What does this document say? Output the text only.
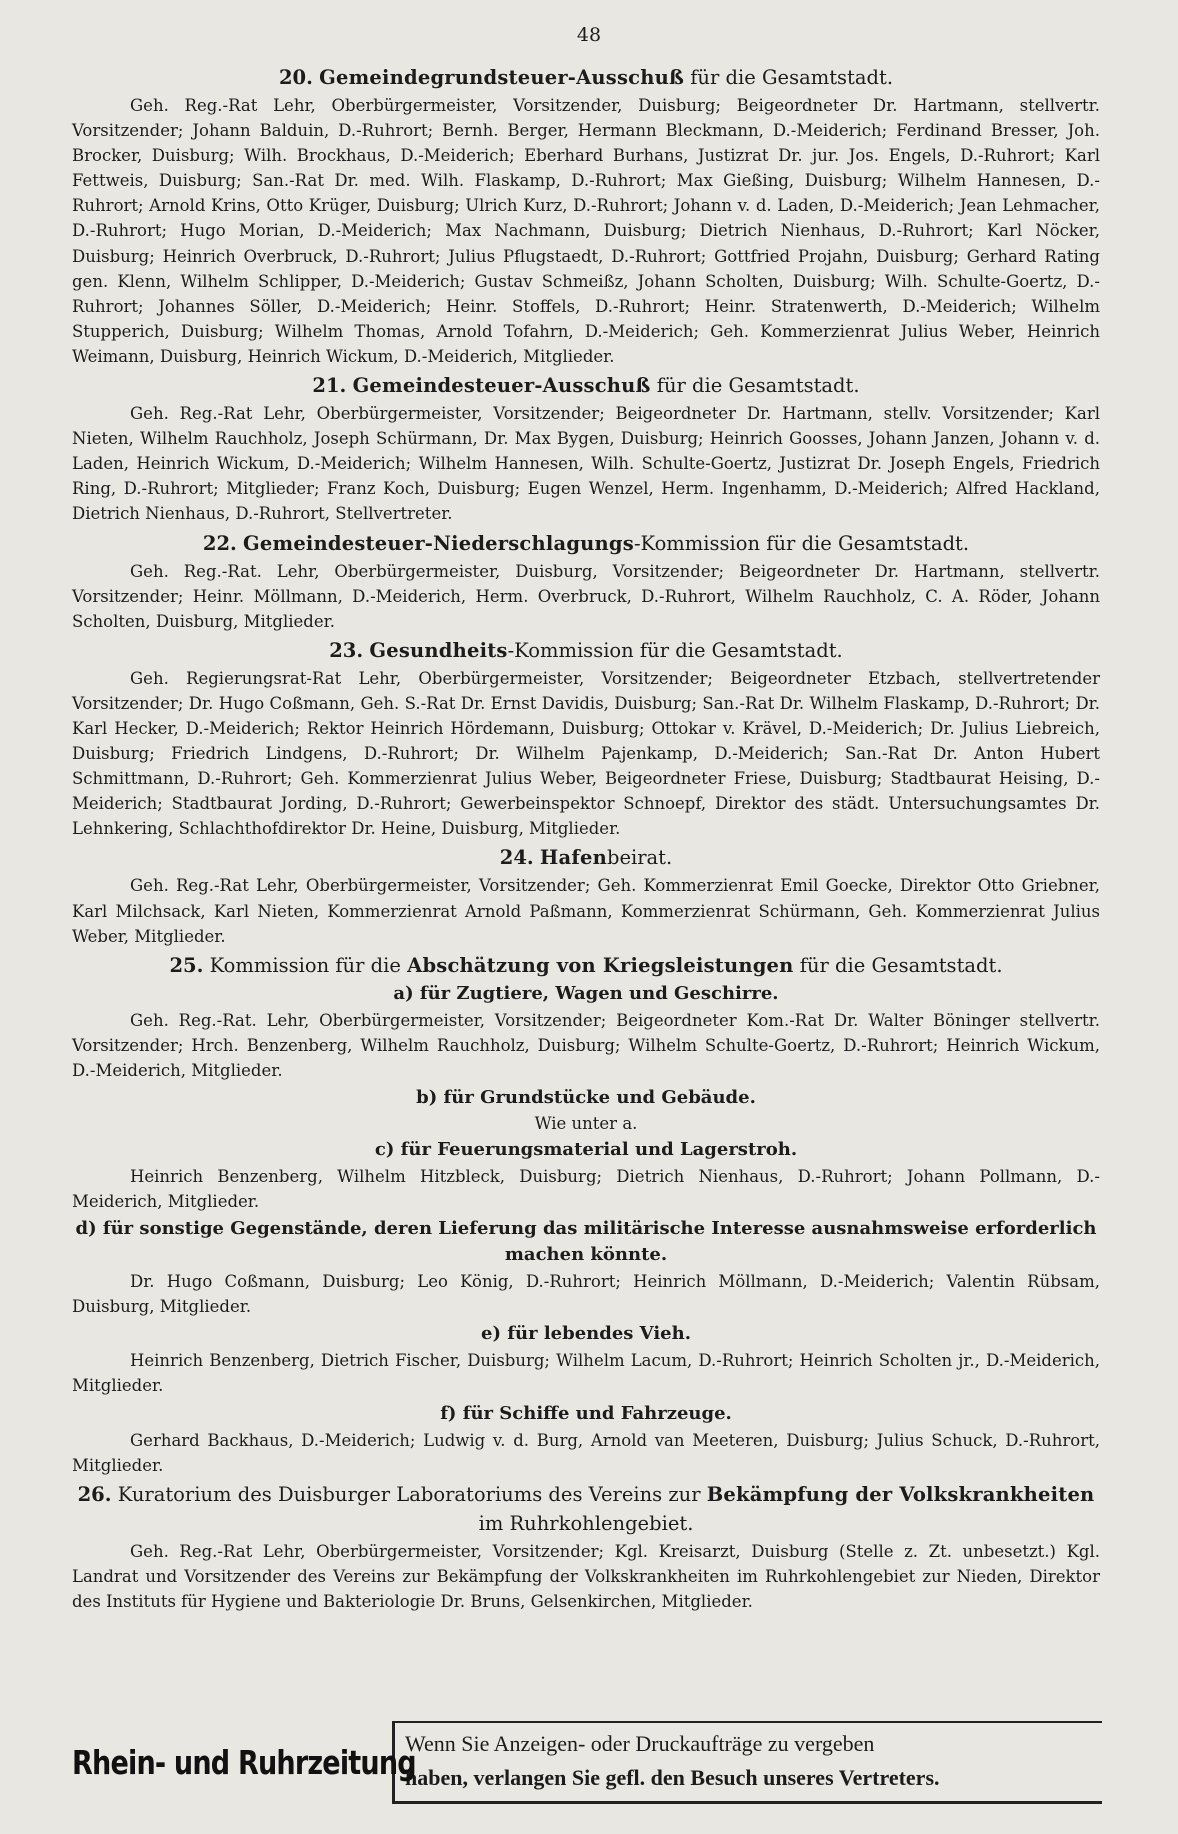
48
20. Gemeindegrundsteuer-Ausschuß für die Gesamtstadt.

Geh. Reg.-Rat Lehr, Oberbürgermeister, Vorsitzender, Duisburg; Beigeordneter Dr. Hartmann, stellvertr. Vorsitzender; Johann Balduin, D.-Ruhrort; Bernh. Berger, Hermann Bleckmann, D.-Meiderich; Ferdinand Bresser, Joh. Brocker, Duisburg; Wilh. Brockhaus, D.-Meiderich; Eberhard Burhans, Justizrat Dr. jur. Jos. Engels, D.-Ruhrort; Karl Fettweis, Duisburg; San.-Rat Dr. med. Wilh. Flaskamp, D.-Ruhrort; Max Gießing, Duisburg; Wilhelm Hannesen, D.-Ruhrort; Arnold Krins, Otto Krüger, Duisburg; Ulrich Kurz, D.-Ruhrort; Johann v. d. Laden, D.-Meiderich; Jean Lehmacher, D.-Ruhrort; Hugo Morian, D.-Meiderich; Max Nachmann, Duisburg; Dietrich Nienhaus, D.-Ruhrort; Karl Nöcker, Duisburg; Heinrich Overbruck, D.-Ruhrort; Julius Pflugstaedt, D.-Ruhrort; Gottfried Projahn, Duisburg; Gerhard Rating gen. Klenn, Wilhelm Schlipper, D.-Meiderich; Gustav Schmeißz, Johann Scholten, Duisburg; Wilh. Schulte-Goertz, D.-Ruhrort; Johannes Söller, D.-Meiderich; Heinr. Stoffels, D.-Ruhrort; Heinr. Stratenwerth, D.-Meiderich; Wilhelm Stupperich, Duisburg; Wilhelm Thomas, Arnold Tofahrn, D.-Meiderich; Geh. Kommerzienrat Julius Weber, Heinrich Weimann, Duisburg, Heinrich Wickum, D.-Meiderich, Mitglieder.

21. Gemeindesteuer-Ausschuß für die Gesamtstadt.

Geh. Reg.-Rat Lehr, Oberbürgermeister, Vorsitzender; Beigeordneter Dr. Hartmann, stellv. Vorsitzender; Karl Nieten, Wilhelm Rauchholz, Joseph Schürmann, Dr. Max Bygen, Duisburg; Heinrich Goosses, Johann Janzen, Johann v. d. Laden, Heinrich Wickum, D.-Meiderich; Wilhelm Hannesen, Wilh. Schulte-Goertz, Justizrat Dr. Joseph Engels, Friedrich Ring, D.-Ruhrort; Mitglieder; Franz Koch, Duisburg; Eugen Wenzel, Herm. Ingenhamm, D.-Meiderich; Alfred Hackland, Dietrich Nienhaus, D.-Ruhrort, Stellvertreter.

22. Gemeindesteuer-Niederschlagungs-Kommission für die Gesamtstadt.

Geh. Reg.-Rat. Lehr, Oberbürgermeister, Duisburg, Vorsitzender; Beigeordneter Dr. Hartmann, stellvertr. Vorsitzender; Heinr. Möllmann, D.-Meiderich, Herm. Overbruck, D.-Ruhrort, Wilhelm Rauchholz, C. A. Röder, Johann Scholten, Duisburg, Mitglieder.

23. Gesundheits-Kommission für die Gesamtstadt.

Geh. Regierungsrat-Rat Lehr, Oberbürgermeister, Vorsitzender; Beigeordneter Etzbach, stellvertretender Vorsitzender; Dr. Hugo Coßmann, Geh. S.-Rat Dr. Ernst Davidis, Duisburg; San.-Rat Dr. Wilhelm Flaskamp, D.-Ruhrort; Dr. Karl Hecker, D.-Meiderich; Rektor Heinrich Hördemann, Duisburg; Ottokar v. Krävel, D.-Meiderich; Dr. Julius Liebreich, Duisburg; Friedrich Lindgens, D.-Ruhrort; Dr. Wilhelm Pajenkamp, D.-Meiderich; San.-Rat Dr. Anton Hubert Schmittmann, D.-Ruhrort; Geh. Kommerzienrat Julius Weber, Beigeordneter Friese, Duisburg; Stadtbaurat Heising, D.-Meiderich; Stadtbaurat Jording, D.-Ruhrort; Gewerbeinspektor Schnoepf, Direktor des städt. Untersuchungsamtes Dr. Lehnkering, Schlachthofdirektor Dr. Heine, Duisburg, Mitglieder.

24. Hafenbeirat.

Geh. Reg.-Rat Lehr, Oberbürgermeister, Vorsitzender; Geh. Kommerzienrat Emil Goecke, Direktor Otto Griebner, Karl Milchsack, Karl Nieten, Kommerzienrat Arnold Paßmann, Kommerzienrat Schürmann, Geh. Kommerzienrat Julius Weber, Mitglieder.

25. Kommission für die Abschätzung von Kriegsleistungen für die Gesamtstadt.
a) für Zugtiere, Wagen und Geschirre.

Geh. Reg.-Rat. Lehr, Oberbürgermeister, Vorsitzender; Beigeordneter Kom.-Rat Dr. Walter Böninger stellvertr. Vorsitzender; Hrch. Benzenberg, Wilhelm Rauchholz, Duisburg; Wilhelm Schulte-Goertz, D.-Ruhrort; Heinrich Wickum, D.-Meiderich, Mitglieder.

b) für Grundstücke und Gebäude.
Wie unter a.
c) für Feuerungsmaterial und Lagerstroh.

Heinrich Benzenberg, Wilhelm Hitzbleck, Duisburg; Dietrich Nienhaus, D.-Ruhrort; Johann Pollmann, D.-Meiderich, Mitglieder.

d) für sonstige Gegenstände, deren Lieferung das militärische Interesse ausnahmsweise erforderlich machen könnte.

Dr. Hugo Coßmann, Duisburg; Leo König, D.-Ruhrort; Heinrich Möllmann, D.-Meiderich; Valentin Rübsam, Duisburg, Mitglieder.

e) für lebendes Vieh.

Heinrich Benzenberg, Dietrich Fischer, Duisburg; Wilhelm Lacum, D.-Ruhrort; Heinrich Scholten jr., D.-Meiderich, Mitglieder.

f) für Schiffe und Fahrzeuge.

Gerhard Backhaus, D.-Meiderich; Ludwig v. d. Burg, Arnold van Meeteren, Duisburg; Julius Schuck, D.-Ruhrort, Mitglieder.

26. Kuratorium des Duisburger Laboratoriums des Vereins zur Bekämpfung der Volkskrankheiten im Ruhrkohlengebiet.

Geh. Reg.-Rat Lehr, Oberbürgermeister, Vorsitzender; Kgl. Kreisarzt, Duisburg (Stelle z. Zt. unbesetzt.) Kgl. Landrat und Vorsitzender des Vereins zur Bekämpfung der Volkskrankheiten im Ruhrkohlengebiet zur Nieden, Direktor des Instituts für Hygiene und Bakteriologie Dr. Bruns, Gelsenkirchen, Mitglieder.

Rhein- und Ruhrzeitung
Wenn Sie Anzeigen- oder Druckaufträge zu vergeben
haben, verlangen Sie gefl. den Besuch unseres Vertreters.
